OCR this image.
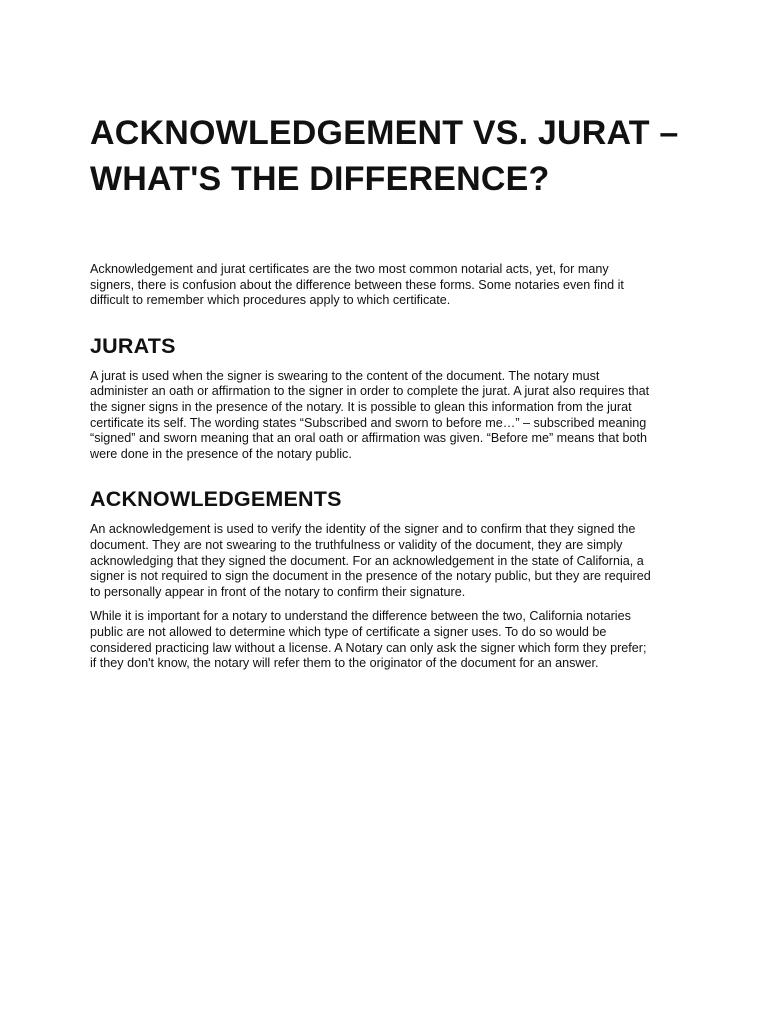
ACKNOWLEDGEMENT VS. JURAT –
WHAT'S THE DIFFERENCE?

Acknowledgement and jurat certificates are the two most common notarial acts, yet, for many
signers, there is confusion about the difference between these forms. Some notaries even find it
difficult to remember which procedures apply to which certificate.

JURATS

A jurat is used when the signer is swearing to the content of the document. The notary must
administer an oath or affirmation to the signer in order to complete the jurat. A jurat also requires that
the signer signs in the presence of the notary. It is possible to glean this information from the jurat
certificate its self. The wording states “Subscribed and sworn to before me…” – subscribed meaning
“signed” and sworn meaning that an oral oath or affirmation was given. “Before me” means that both
were done in the presence of the notary public.

ACKNOWLEDGEMENTS

An acknowledgement is used to verify the identity of the signer and to confirm that they signed the
document. They are not swearing to the truthfulness or validity of the document, they are simply
acknowledging that they signed the document. For an acknowledgement in the state of California, a
signer is not required to sign the document in the presence of the notary public, but they are required
to personally appear in front of the notary to confirm their signature.

While it is important for a notary to understand the difference between the two, California notaries
public are not allowed to determine which type of certificate a signer uses. To do so would be
considered practicing law without a license. A Notary can only ask the signer which form they prefer;
if they don't know, the notary will refer them to the originator of the document for an answer.
